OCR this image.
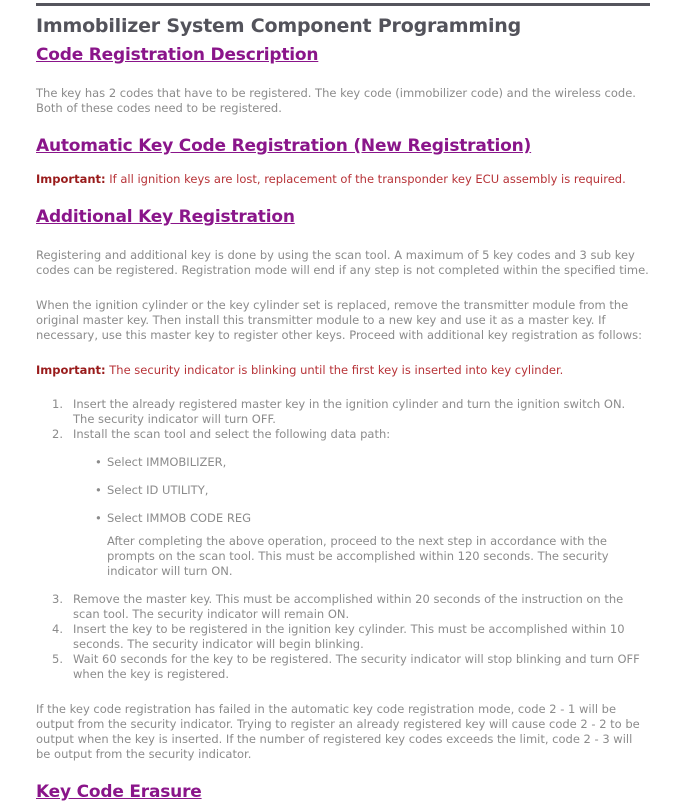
Immobilizer System Component Programming
Code Registration Description

The key has 2 codes that have to be registered. The key code (immobilizer code) and the wireless code. Both of these codes need to be registered.

Automatic Key Code Registration (New Registration)

Important: If all ignition keys are lost, replacement of the transponder key ECU assembly is required.

Additional Key Registration

Registering and additional key is done by using the scan tool. A maximum of 5 key codes and 3 sub key codes can be registered. Registration mode will end if any step is not completed within the specified time.

When the ignition cylinder or the key cylinder set is replaced, remove the transmitter module from the original master key. Then install this transmitter module to a new key and use it as a master key. If necessary, use this master key to register other keys. Proceed with additional key registration as follows:

Important: The security indicator is blinking until the first key is inserted into key cylinder.

1. Insert the already registered master key in the ignition cylinder and turn the ignition switch ON. The security indicator will turn OFF.
2. Install the scan tool and select the following data path:
• Select IMMOBILIZER,
• Select ID UTILITY,
• Select IMMOB CODE REG
After completing the above operation, proceed to the next step in accordance with the prompts on the scan tool. This must be accomplished within 120 seconds. The security indicator will turn ON.
3. Remove the master key. This must be accomplished within 20 seconds of the instruction on the scan tool. The security indicator will remain ON.
4. Insert the key to be registered in the ignition key cylinder. This must be accomplished within 10 seconds. The security indicator will begin blinking.
5. Wait 60 seconds for the key to be registered. The security indicator will stop blinking and turn OFF when the key is registered.

If the key code registration has failed in the automatic key code registration mode, code 2 - 1 will be output from the security indicator. Trying to register an already registered key will cause code 2 - 2 to be output when the key is inserted. If the number of registered key codes exceeds the limit, code 2 - 3 will be output from the security indicator.

Key Code Erasure
